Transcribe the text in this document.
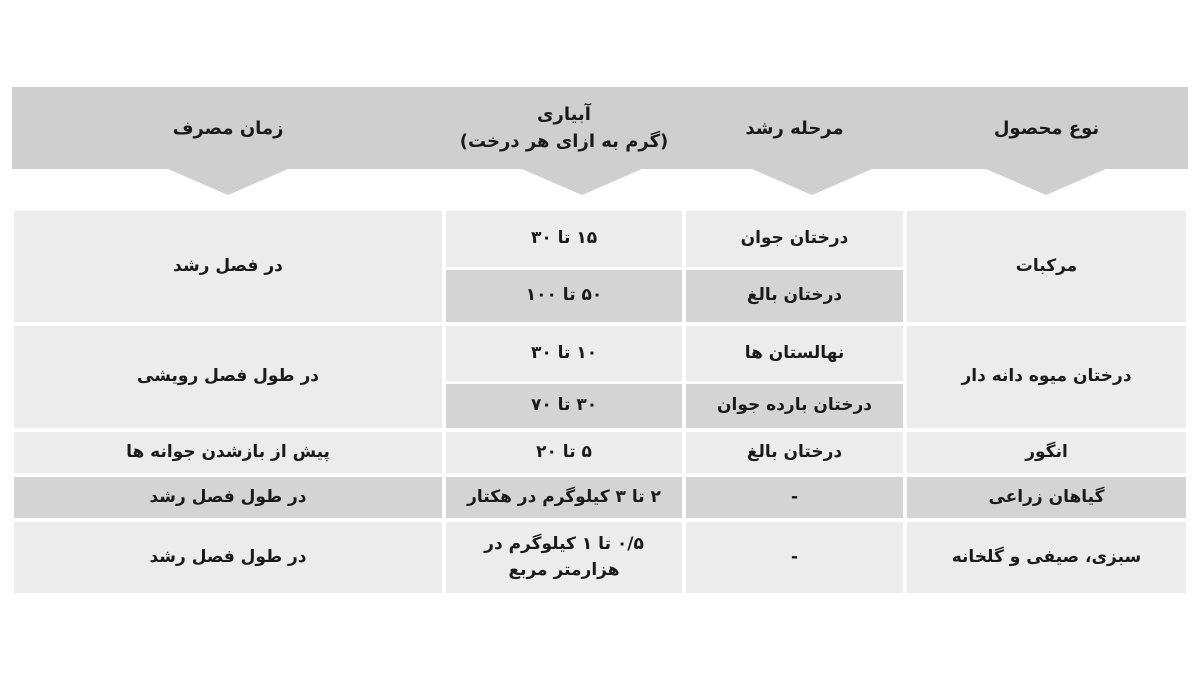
نوع محصول
مرحله رشد
آبیاری
(گرم به ازای هر درخت)
زمان مصرف
مرکبات
درختان جوان
۱۵ تا ۳۰
درختان بالغ
۵۰ تا ۱۰۰
در فصل رشد
درختان میوه دانه دار
نهالستان ها
۱۰ تا ۳۰
درختان بارده جوان
۳۰ تا ۷۰
در طول فصل رویشی
انگور
درختان بالغ
۵ تا ۲۰
پیش از بازشدن جوانه ها
گیاهان زراعی
-
۲ تا ۳ کیلوگرم در هکتار
در طول فصل رشد
سبزی، صیفی و گلخانه
-
۰/۵ تا ۱ کیلوگرم در
هزارمتر مربع
در طول فصل رشد
